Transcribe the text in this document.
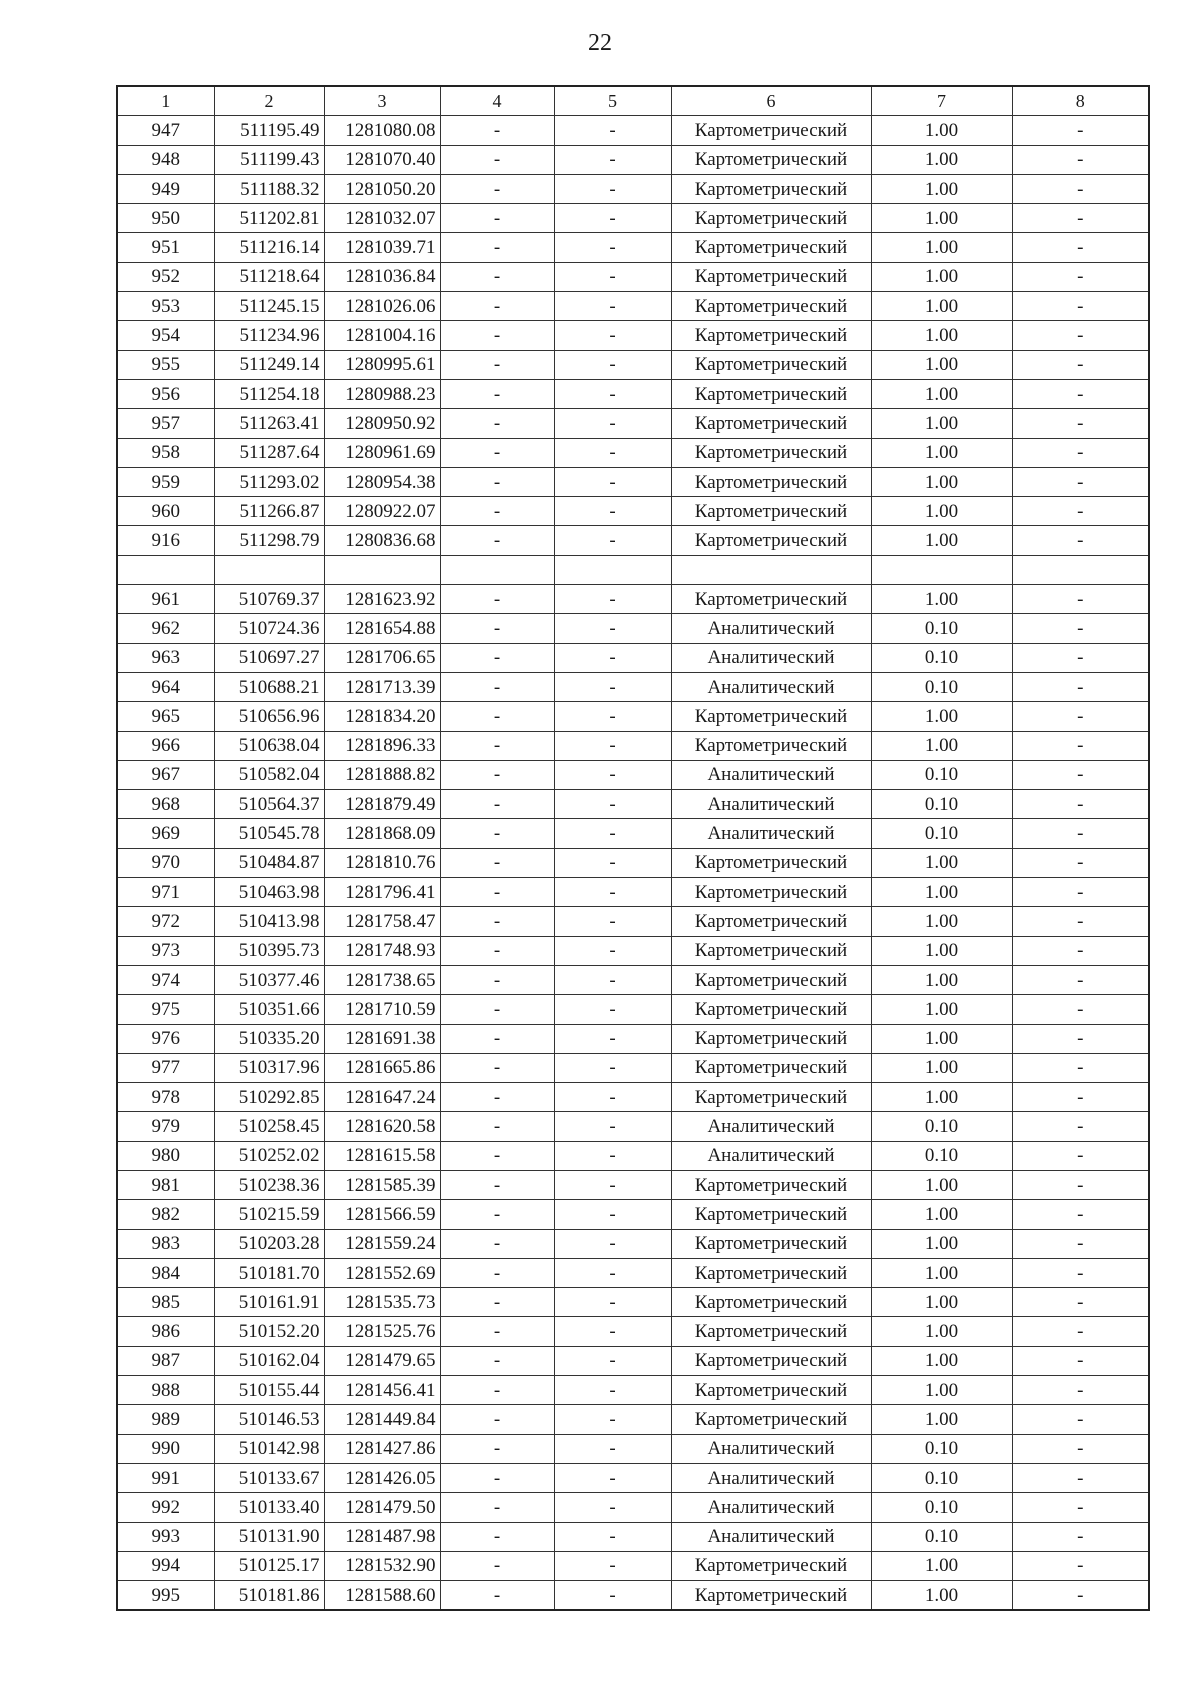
22
1	2	3	4	5	6	7	8
947	511195.49	1281080.08	-	-	Картометрический	1.00	-
948	511199.43	1281070.40	-	-	Картометрический	1.00	-
949	511188.32	1281050.20	-	-	Картометрический	1.00	-
950	511202.81	1281032.07	-	-	Картометрический	1.00	-
951	511216.14	1281039.71	-	-	Картометрический	1.00	-
952	511218.64	1281036.84	-	-	Картометрический	1.00	-
953	511245.15	1281026.06	-	-	Картометрический	1.00	-
954	511234.96	1281004.16	-	-	Картометрический	1.00	-
955	511249.14	1280995.61	-	-	Картометрический	1.00	-
956	511254.18	1280988.23	-	-	Картометрический	1.00	-
957	511263.41	1280950.92	-	-	Картометрический	1.00	-
958	511287.64	1280961.69	-	-	Картометрический	1.00	-
959	511293.02	1280954.38	-	-	Картометрический	1.00	-
960	511266.87	1280922.07	-	-	Картометрический	1.00	-
916	511298.79	1280836.68	-	-	Картометрический	1.00	-

961	510769.37	1281623.92	-	-	Картометрический	1.00	-
962	510724.36	1281654.88	-	-	Аналитический	0.10	-
963	510697.27	1281706.65	-	-	Аналитический	0.10	-
964	510688.21	1281713.39	-	-	Аналитический	0.10	-
965	510656.96	1281834.20	-	-	Картометрический	1.00	-
966	510638.04	1281896.33	-	-	Картометрический	1.00	-
967	510582.04	1281888.82	-	-	Аналитический	0.10	-
968	510564.37	1281879.49	-	-	Аналитический	0.10	-
969	510545.78	1281868.09	-	-	Аналитический	0.10	-
970	510484.87	1281810.76	-	-	Картометрический	1.00	-
971	510463.98	1281796.41	-	-	Картометрический	1.00	-
972	510413.98	1281758.47	-	-	Картометрический	1.00	-
973	510395.73	1281748.93	-	-	Картометрический	1.00	-
974	510377.46	1281738.65	-	-	Картометрический	1.00	-
975	510351.66	1281710.59	-	-	Картометрический	1.00	-
976	510335.20	1281691.38	-	-	Картометрический	1.00	-
977	510317.96	1281665.86	-	-	Картометрический	1.00	-
978	510292.85	1281647.24	-	-	Картометрический	1.00	-
979	510258.45	1281620.58	-	-	Аналитический	0.10	-
980	510252.02	1281615.58	-	-	Аналитический	0.10	-
981	510238.36	1281585.39	-	-	Картометрический	1.00	-
982	510215.59	1281566.59	-	-	Картометрический	1.00	-
983	510203.28	1281559.24	-	-	Картометрический	1.00	-
984	510181.70	1281552.69	-	-	Картометрический	1.00	-
985	510161.91	1281535.73	-	-	Картометрический	1.00	-
986	510152.20	1281525.76	-	-	Картометрический	1.00	-
987	510162.04	1281479.65	-	-	Картометрический	1.00	-
988	510155.44	1281456.41	-	-	Картометрический	1.00	-
989	510146.53	1281449.84	-	-	Картометрический	1.00	-
990	510142.98	1281427.86	-	-	Аналитический	0.10	-
991	510133.67	1281426.05	-	-	Аналитический	0.10	-
992	510133.40	1281479.50	-	-	Аналитический	0.10	-
993	510131.90	1281487.98	-	-	Аналитический	0.10	-
994	510125.17	1281532.90	-	-	Картометрический	1.00	-
995	510181.86	1281588.60	-	-	Картометрический	1.00	-
